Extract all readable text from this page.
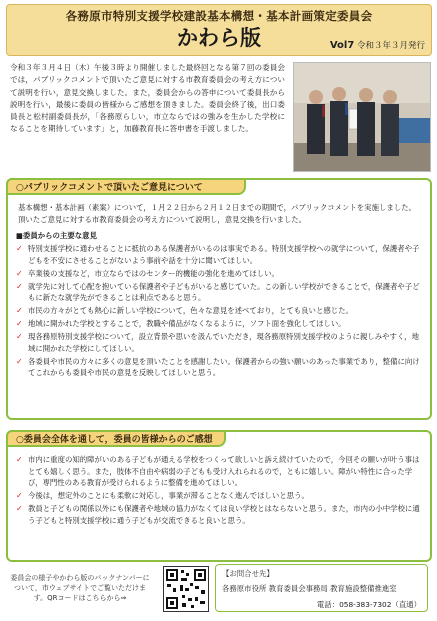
各務原市特別支援学校建設基本構想・基本計画策定委員会
かわら版	Vol7 令和３年３月発行
令和３年３月４日（木）午後３時より開催しました最終回となる第７回の委員会では，パブリックコメントで頂いたご意見に対する市教育委員会の考え方について説明を行い，意見交換しました。また，委員会からの答申について委員長から説明を行い，最後に委員の皆様からご感想を頂きました。委員会終了後，出口委員長と松村副委員長が，「各務原らしい，市立ならではの強みを生かした学校になることを期待しています」と，加藤教育長に答申書を手渡しました。
○パブリックコメントで頂いたご意見について
基本構想・基本計画（素案）について，１月２２日から２月１２日までの期間で，パブリックコメントを実施しました。頂いたご意見に対する市教育委員会の考え方について説明し，意見交換を行いました。
■委員からの主要な意見
✓ 特別支援学校に通わせることに抵抗のある保護者がいるのは事実である。特別支援学校への就学について，保護者や子どもを不安にさせることがないよう事前や話を十分に聞いてほしい。
✓ 卒業後の支援など，市立ならではのセンター的機能の強化を進めてほしい。
✓ 就学先に対して心配を抱いている保護者や子どもがいると感じていた。この新しい学校ができることで，保護者や子どもに新たな就学先ができることは利点であると思う。
✓ 市民の方々がとても熱心に新しい学校について，色々な意見を述べており，とても良いと感じた。
✓ 地域に開かれた学校とすることで，教職や備品がなくなるように，ソフト面を強化してほしい。
✓ 現各務原特別支援学校について，設立背景や思いを汲んでいただき，現各務原特別支援学校のように親しみやすく，地域に開かれた学校にしてほしい。
✓ 各委員や市民の方々に多くの意見を頂いたことを感謝したい。保護者からの強い願いのあった事業であり，整備に向けてこれからも委員や市民の意見を反映してほしいと思う。
○委員会全体を通して，委員の皆様からのご感想
✓ 市内に重度の知的障がいのある子どもが通える学校をつくって欲しいと訴え続けていたので，今回その願いが叶う事はとても嬉しく思う。また，肢体不自由や病弱の子どもも受け入れられるので，ともに嬉しい。障がい特性に合った学び，専門性のある教育が受けられるように整備を進めてほしい。
✓ 今後は，想定外のことにも柔軟に対応し，事業が滞ることなく進んでほしいと思う。
✓ 教員と子どもの関係以外にも保護者や地域の協力がなくては良い学校とはならないと思う。また，市内の小中学校に通う子どもと特別支援学校に通う子どもが交流できると良いと思う。
委員会の様子やかわら版のバックナンバーについて，市ウェブサイトでご覧いただけます。QRコードはこちらから⇒
【お問合せ先】
各務原市役所 教育委員会事務局 教育施設整備推進室
電話：058-383-7302（直通）
